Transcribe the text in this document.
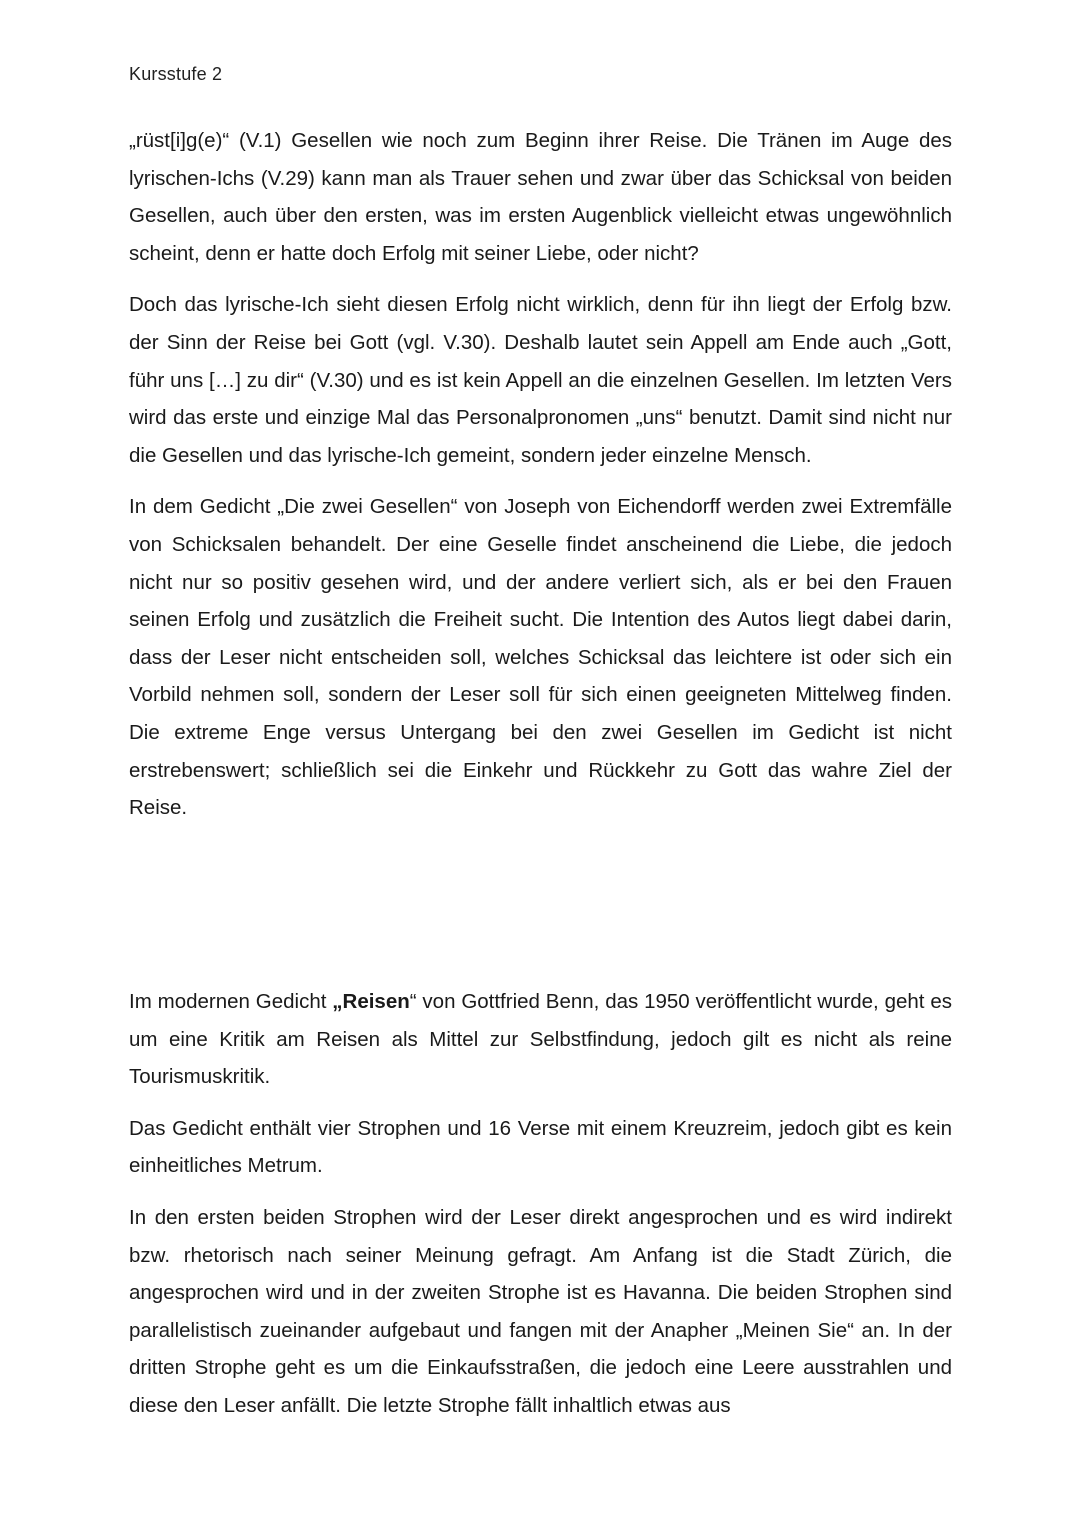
Kursstufe 2

„rüst[i]g(e)“ (V.1) Gesellen wie noch zum Beginn ihrer Reise. Die Tränen im Auge des lyrischen-Ichs (V.29) kann man als Trauer sehen und zwar über das Schicksal von beiden Gesellen, auch über den ersten, was im ersten Augenblick vielleicht etwas ungewöhnlich scheint, denn er hatte doch Erfolg mit seiner Liebe, oder nicht?

Doch das lyrische-Ich sieht diesen Erfolg nicht wirklich, denn für ihn liegt der Erfolg bzw. der Sinn der Reise bei Gott (vgl. V.30). Deshalb lautet sein Appell am Ende auch „Gott, führ uns […] zu dir“ (V.30) und es ist kein Appell an die einzelnen Gesellen. Im letzten Vers wird das erste und einzige Mal das Personalpronomen „uns“ benutzt. Damit sind nicht nur die Gesellen und das lyrische-Ich gemeint, sondern jeder einzelne Mensch.

In dem Gedicht „Die zwei Gesellen“ von Joseph von Eichendorff werden zwei Extremfälle von Schicksalen behandelt. Der eine Geselle findet anscheinend die Liebe, die jedoch nicht nur so positiv gesehen wird, und der andere verliert sich, als er bei den Frauen seinen Erfolg und zusätzlich die Freiheit sucht. Die Intention des Autos liegt dabei darin, dass der Leser nicht entscheiden soll, welches Schicksal das leichtere ist oder sich ein Vorbild nehmen soll, sondern der Leser soll für sich einen geeigneten Mittelweg finden. Die extreme Enge versus Untergang bei den zwei Gesellen im Gedicht ist nicht erstrebenswert; schließlich sei die Einkehr und Rückkehr zu Gott das wahre Ziel der Reise.

Im modernen Gedicht „Reisen“ von Gottfried Benn, das 1950 veröffentlicht wurde, geht es um eine Kritik am Reisen als Mittel zur Selbstfindung, jedoch gilt es nicht als reine Tourismuskritik.

Das Gedicht enthält vier Strophen und 16 Verse mit einem Kreuzreim, jedoch gibt es kein einheitliches Metrum.

In den ersten beiden Strophen wird der Leser direkt angesprochen und es wird indirekt bzw. rhetorisch nach seiner Meinung gefragt. Am Anfang ist die Stadt Zürich, die angesprochen wird und in der zweiten Strophe ist es Havanna. Die beiden Strophen sind parallelistisch zueinander aufgebaut und fangen mit der Anapher „Meinen Sie“ an. In der dritten Strophe geht es um die Einkaufsstraßen, die jedoch eine Leere ausstrahlen und diese den Leser anfällt. Die letzte Strophe fällt inhaltlich etwas aus
